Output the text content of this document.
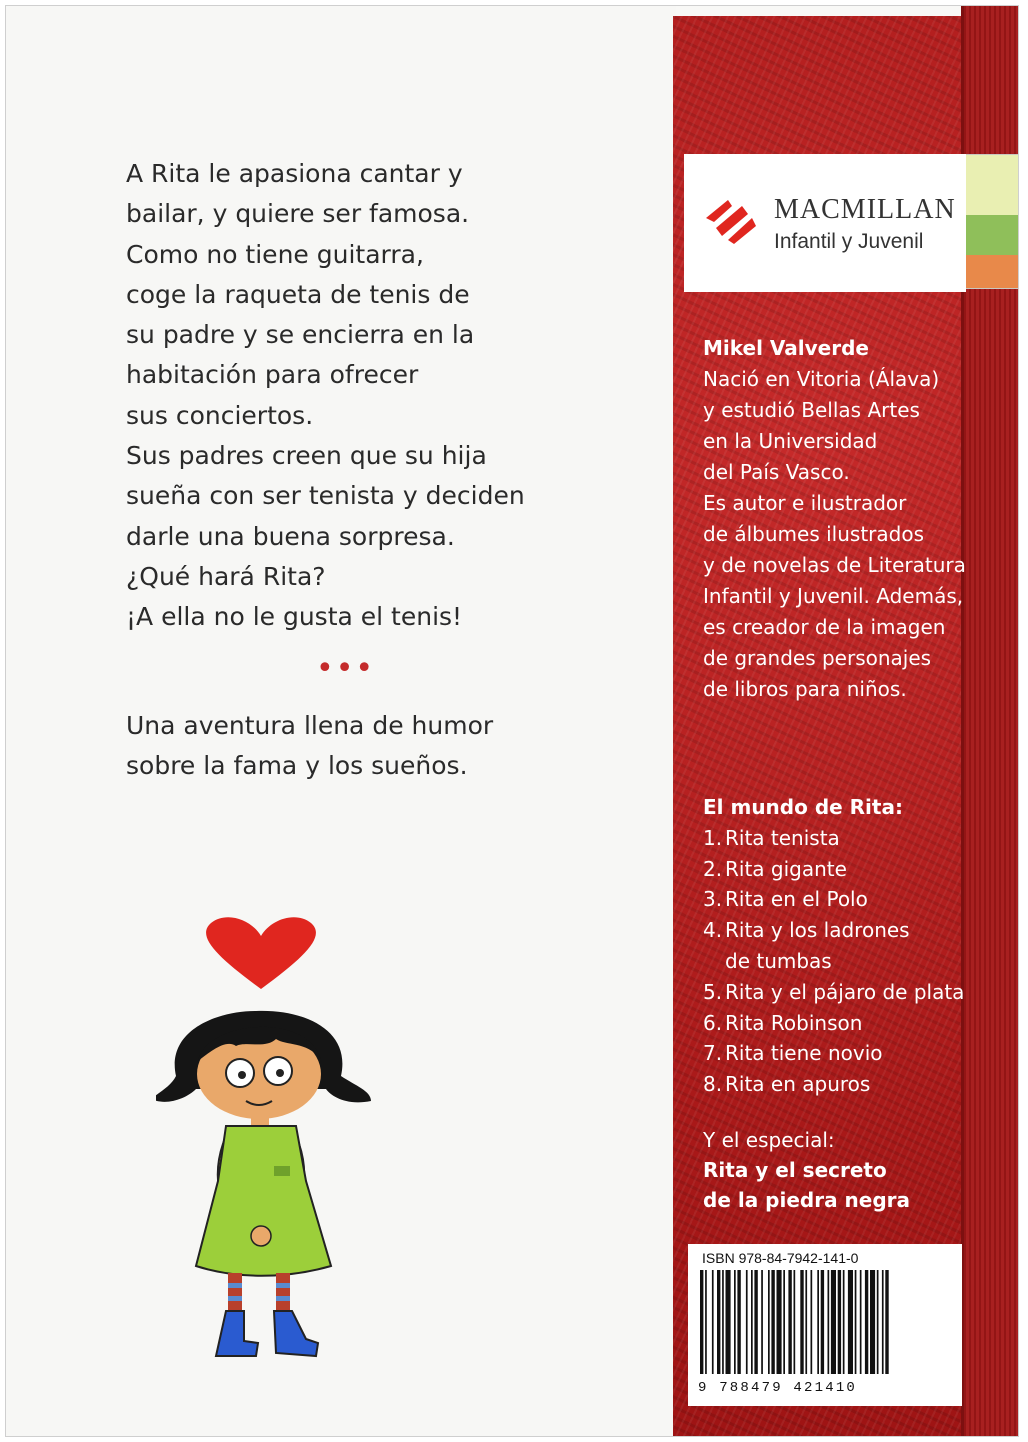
A Rita le apasiona cantar y
bailar, y quiere ser famosa.
Como no tiene guitarra,
coge la raqueta de tenis de
su padre y se encierra en la
habitación para ofrecer
sus conciertos.
Sus padres creen que su hija
sueña con ser tenista y deciden
darle una buena sorpresa.
¿Qué hará Rita?
¡A ella no le gusta el tenis!
•••
Una aventura llena de humor
sobre la fama y los sueños.
MACMILLAN
Infantil y Juvenil
Mikel Valverde
Nació en Vitoria (Álava)
y estudió Bellas Artes
en la Universidad
del País Vasco.
Es autor e ilustrador
de álbumes ilustrados
y de novelas de Literatura
Infantil y Juvenil. Además,
es creador de la imagen
de grandes personajes
de libros para niños.
El mundo de Rita:
1. Rita tenista
2. Rita gigante
3. Rita en el Polo
4. Rita y los ladrones
de tumbas
5. Rita y el pájaro de plata
6. Rita Robinson
7. Rita tiene novio
8. Rita en apuros
Y el especial:
Rita y el secreto
de la piedra negra
ISBN 978-84-7942-141-0
9 788479 421410
